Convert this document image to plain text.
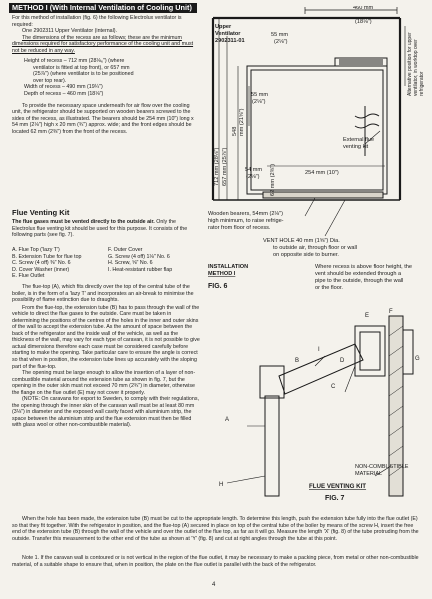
METHOD I (With Internal Ventilation of Cooling Unit)
For this method of installation (fig. 6) the following Electrolux ventilator is required:
One 2902311 Upper Ventilator (internal).
The dimensions of the recess are as follows; these are the minimum dimensions required for satisfactory performance of the cooling unit and must not be reduced in any way.
Height of recess – 712 mm (28⅛₆") (where
ventilator is fitted at top front), or 657 mm
(25⅞") (where ventilator is to be positioned
over top rear).
Width of recess – 490 mm (19¼")
Depth of recess – 460 mm (18⅛")
To provide the necessary space underneath for air flow over the cooling unit, the refrigerator should be supported on wooden bearers screwed to the sides of the recess, as illustrated. The bearers should be 254 mm (10") long x 54 mm (2⅛") high x 20 mm (¾") approx. wide; and the front edges should be located 62 mm (2⅜") from the front of the recess.
Flue Venting Kit
The flue gases must be vented directly to the outside air. Only the Electrolux flue venting kit should be used for this purpose. It consists of the following parts (see fig. 7).
A. Flue Top ('lazy T')
B. Extension Tube for flue top
C. Screw (4 off) ⅜" No. 6
D. Cover Washer (inner)
E. Flue Outlet
F. Outer Cover
G. Screw (4 off) 1⅛" No. 6
H. Screw, ⅝" No. 6
I. Heat-resistant rubber flap
The flue-top (A), which fits directly over the top of the central tube of the boiler, is in the form of a 'lazy T' and incorporates an air-break to minimise the possibility of flame extinction due to draughts.
From the flue-top, the extension tube (B) has to pass through the wall of the vehicle to direct the flue gases to the outside. Care must be taken in determining the positions of the centres of the holes in the inner and outer skins of the wall to accept the extension tube. As the amount of space between the back of the refrigerator and the inside wall of the vehicle, as well as the thickness of the wall, may vary for each type of caravan, it is not possible to give actual dimensions therefore each case must be considered carefully before starting to make the opening. Take particular care to ensure the angle is correct so that when in position, the extension tube lines up accurately with the sloping part of the flue-top.
The opening must be large enough to allow the insertion of a layer of non-combustible material around the extension tube as shown in fig. 7, but the opening in the outer skin must not exceed 70 mm (2¾") in diameter, otherwise the flange on the flue outlet (E) may not cover it properly.
(NOTE: On caravans for export to Sweden, to comply with their regulations, the opening through the inner skin of the caravan wall must be at least 80 mm (3⅛") in diameter and the exposed wall cavity faced with aluminium strip, the space between the aluminium strip and the flue extension must then be filled with glass wool or other non-combustible material).
When the hole has been made, the extension tube (B) must be cut to the appropriate length. To determine this length, push the extension tube fully into the flue outlet (E) so that they fit together. With the refrigerator in position, and the flue-top (A) secured in place on top of the central tube of the boiler by means of the screw H, insert the free end of the extension tube (B) through the wall of the vehicle and over the outlet of the flue top, as far as it will go. Measure the length 'X' (fig. 8) of the tube protruding from the outside. Transfer this measurement to the other end of the tube as shown at 'Y' (fig. 8) and cut at right angles through the tube at this point.
Note 1. If the caravan wall is contoured or is not vertical in the region of the flue outlet, it may be necessary to make a packing piece, from metal or other non-combustible material, of a suitable shape to ensure that, when in position, the plate on the flue outlet is parallel with the back of the refrigerator.
4
Upper
Ventilator
2902311-01
55 mm
(2⅛")
460 mm
(18⅛")
55 mm
(2⅛")
712 mm (28⅛") 657 mm (25⅞")
548 mm (21⅝")
62 mm (2⅜")
54 mm
(2⅛")
254 mm (10")
External flue
venting kit
Alternative position for upper ventilator, in worktop over refrigerator
Wooden bearers, 54mm (2⅛")
high minimum, to raise refrige-
rator from floor of recess.
VENT HOLE 40 mm (1⅝") Dia.
to outside air, through floor or wall
on opposite side to burner.
INSTALLATION
METHOD I
FIG. 6
Where recess is above floor height, the
vent should be extended through a
pipe to the outside, through the wall
or the floor.
A
B
C
D
E
F
G
H
I
NON-COMBUSTIBLE
MATERIAL
FLUE VENTING KIT
FIG. 7
